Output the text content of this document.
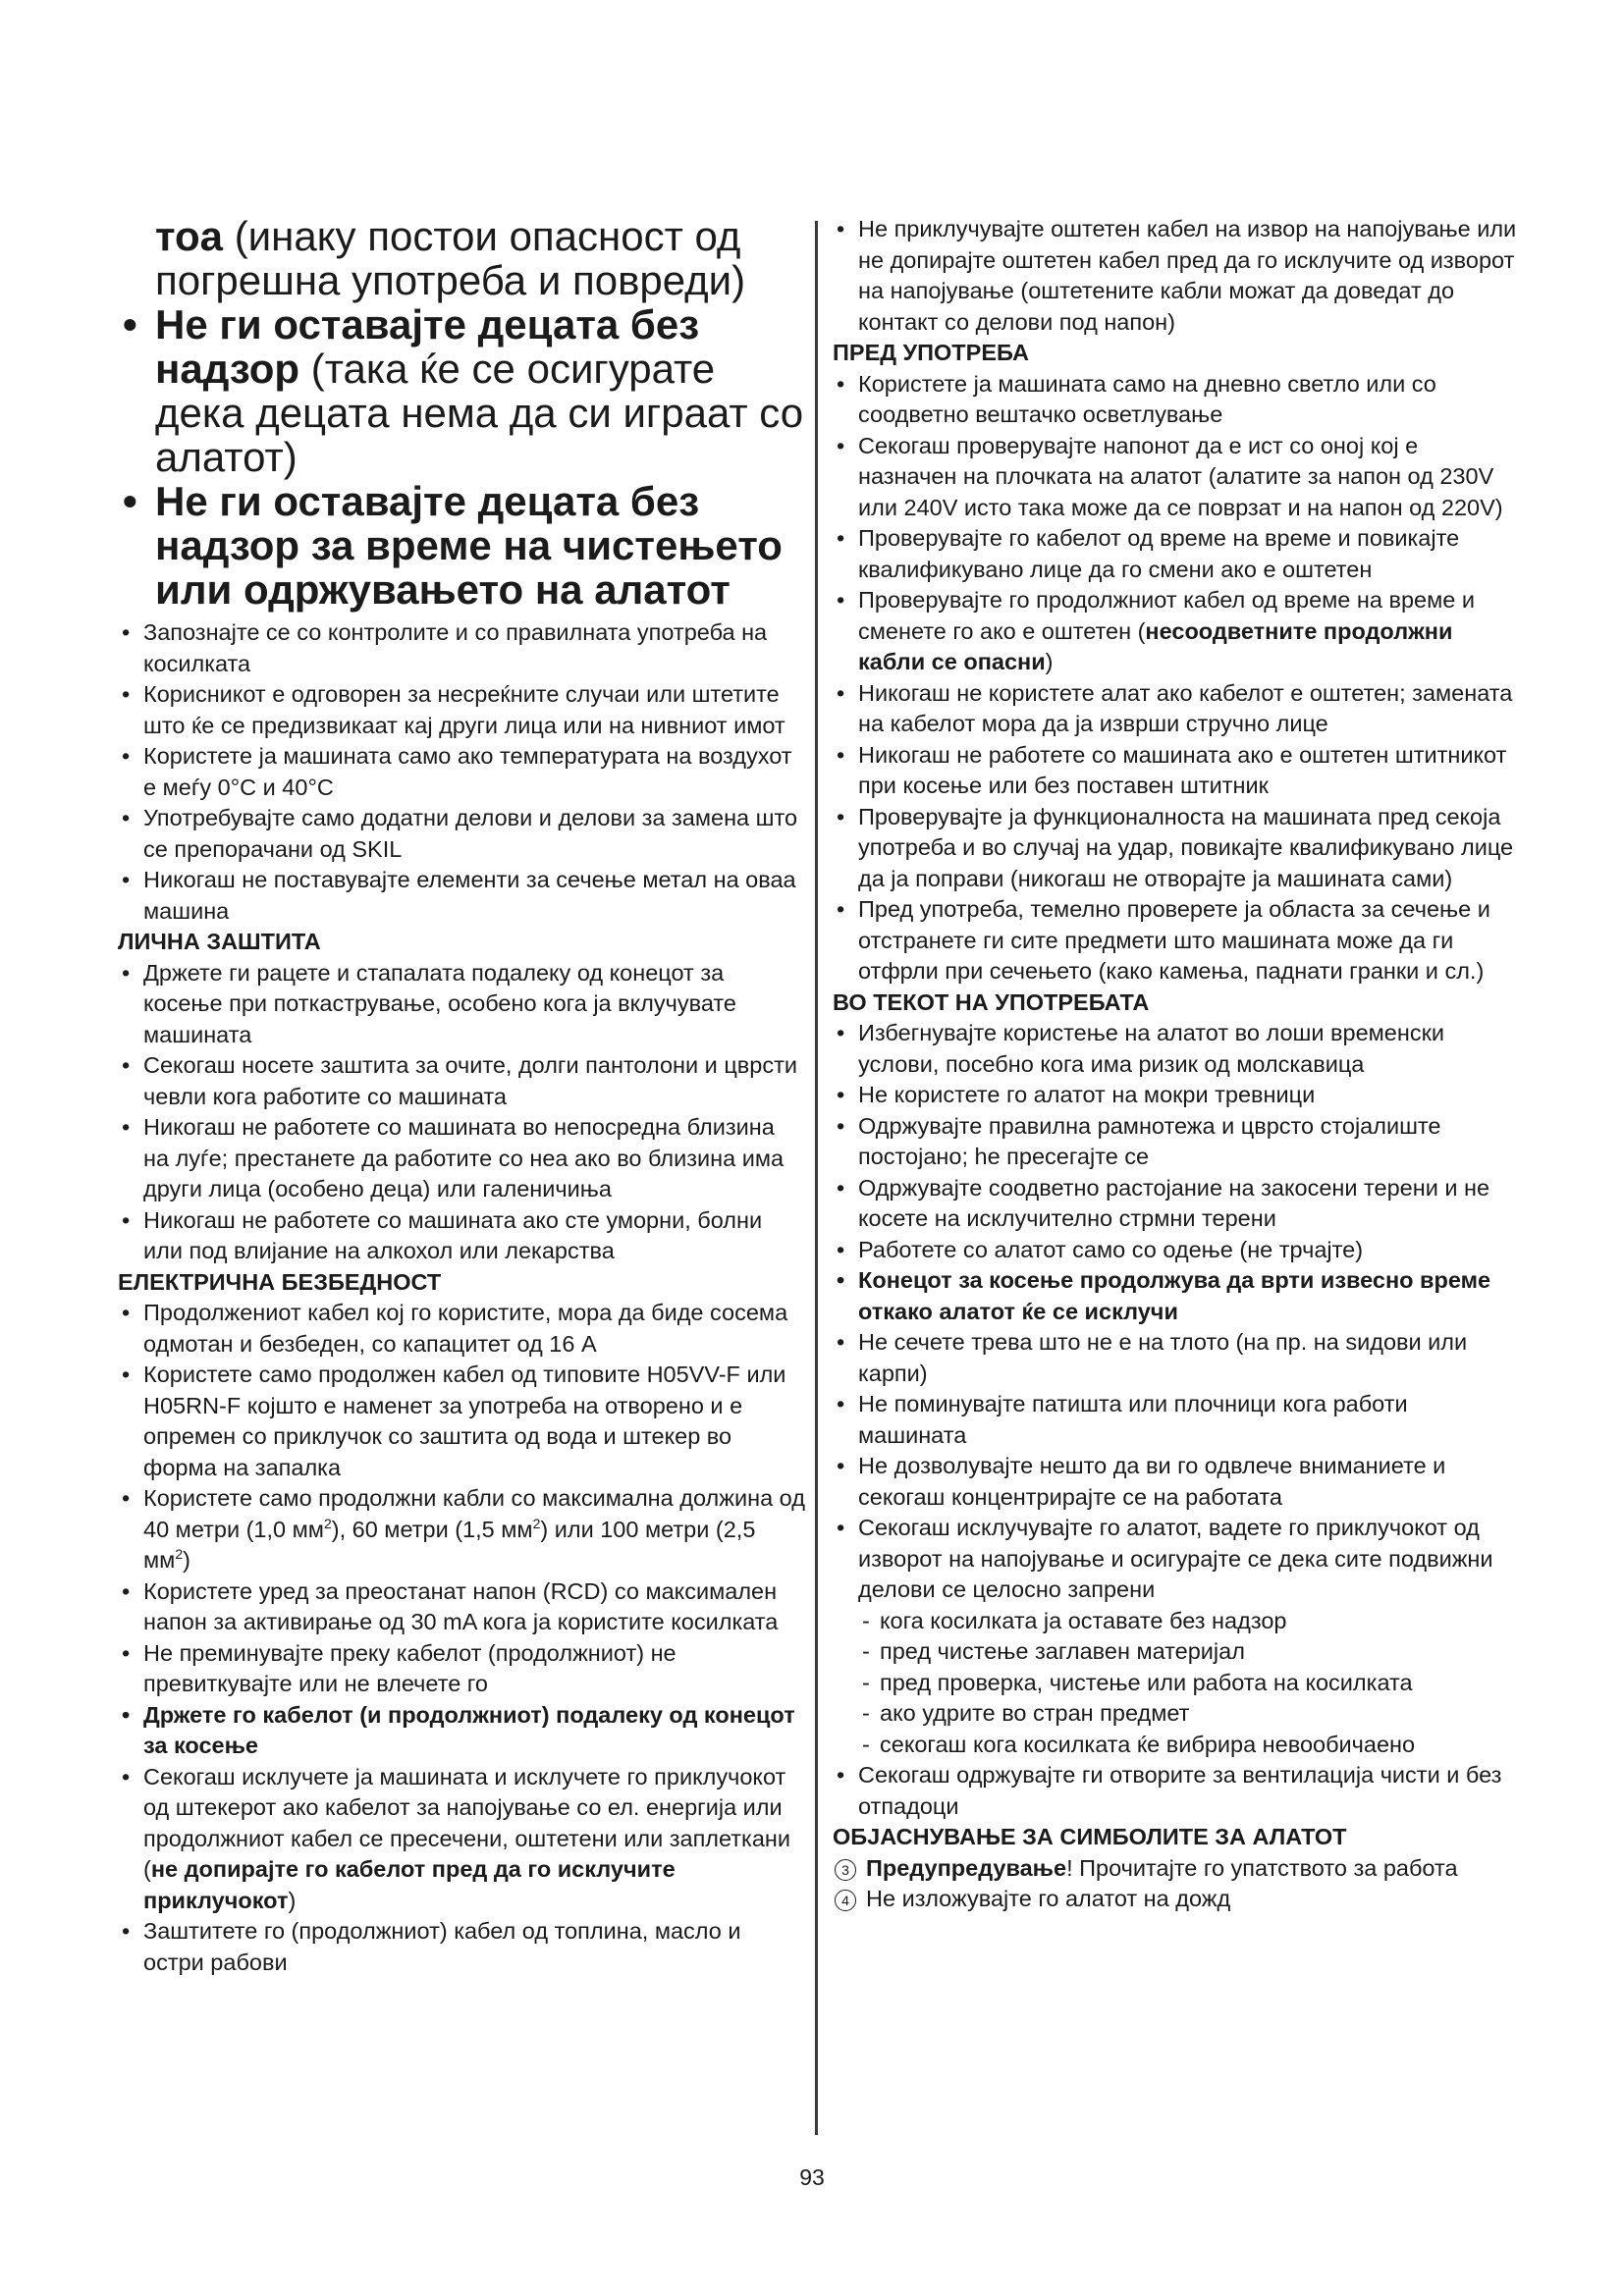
тоа (инаку постои опасност од погрешна употреба и повреди)

• Не ги оставајте децата без надзор (така ќе се осигурате дека децата нема да си играат со алатот)

• Не ги оставајте децата без надзор за време на чистењето или одржувањето на алатот

• Запознајте се со контролите и со правилната употреба на косилката
• Корисникот е одговорен за несреќните случаи или штетите што ќе се предизвикаат кај други лица или на нивниот имот
• Користете ја машината само ако температурата на воздухот е меѓу 0°C и 40°C
• Употребувајте само додатни делови и делови за замена што се препорачани од SKIL
• Никогаш не поставувајте елементи за сечење метал на оваа машина

ЛИЧНА ЗАШТИТА

• Држете ги рацете и стапалата подалеку од конецот за косење при поткастрување, особено кога ја вклучувате машината
• Секогаш носете заштита за очите, долги пантолони и цврсти чевли кога работите со машината
• Никогаш не работете со машината во непосредна близина на луѓе; престанете да работите со неа ако во близина има други лица (особено деца) или галеничиња
• Никогаш не работете со машината ако сте уморни, болни или под влијание на алкохол или лекарства

ЕЛЕКТРИЧНА БЕЗБЕДНОСТ

• Продолжениот кабел кој го користите, мора да биде сосема одмотан и безбеден, со капацитет од 16 A
• Користете само продолжен кабел од типовите H05VV-F или H05RN-F којшто е наменет за употреба на отворено и е опремен со приклучок со заштита од вода и штекер во форма на запалка
• Користете само продолжни кабли со максимална должина од 40 метри (1,0 $мм^2$), 60 метри (1,5 $мм^2$) или 100 метри (2,5 $мм^2$)
• Користете уред за преостанат напон (RCD) со максимален напон за активирање од 30 mA кога ја користите косилката
• Не преминувајте преку кабелот (продолжниот) не превиткувајте или не влечете го
• Држете го кабелот (и продолжниот) подалеку од конецот за косење
• Секогаш исклучете ја машината и исклучете го приклучокот од штекерот ако кабелот за напојување со ел. енергија или продолжниот кабел се пресечени, оштетени или заплеткани (не допирајте го кабелот пред да го исклучите приклучокот)
• Заштитете го (продолжниот) кабел од топлина, масло и остри рабови
• Не приклучувајте оштетен кабел на извор на напојување или не допирајте оштетен кабел пред да го исклучите од изворот на напојување (оштетените кабли можат да доведат до контакт со делови под напон)

ПРЕД УПОТРЕБА

• Користете ја машината само на дневно светло или со соодветно вештачко осветлување
• Секогаш проверувајте напонот да е ист со оној кој е назначен на плочката на алатот (алатите за напон од 230V или 240V исто така може да се поврзат и на напон од 220V)
• Проверувајте го кабелот од време на време и повикајте квалификувано лице да го смени ако е оштетен
• Проверувајте го продолжниот кабел од време на време и сменете го ако е оштетен (несоодветните продолжни кабли се опасни)
• Никогаш не користете алат ако кабелот е оштетен; замената на кабелот мора да ја изврши стручно лице
• Никогаш не работете со машината ако е оштетен штитникот при косење или без поставен штитник
• Проверувајте ја функционалноста на машината пред секоја употреба и во случај на удар, повикајте квалификувано лице да ја поправи (никогаш не отворајте ја машината сами)
• Пред употреба, темелно проверете ја областа за сечење и отстранете ги сите предмети што машината може да ги отфрли при сечењето (како камења, паднати гранки и сл.)

ВО ТЕКОТ НА УПОТРЕБАТА

• Избегнувајте користење на алатот во лоши временски услови, посебно кога има ризик од молскавица
• Не користете го алатот на мокри тревници
• Одржувајте правилна рамнотежа и цврсто стојалиште постојано; he пресегајте се
• Одржувајте соодветно растојание на закосени терени и не косете на исклучително стрмни терени
• Работете со алатот само со одење (не трчајте)
• Конецот за косење продолжува да врти извесно време откако алатот ќе се исклучи
• Не сечете трева што не е на тлото (на пр. на ѕидови или карпи)
• Не поминувајте патишта или плочници кога работи машината
• Не дозволувајте нешто да ви го одвлече вниманиете и секогаш концентрирајте се на работата
• Секогаш исклучувајте го алатот, вадете го приклучокот од изворот на напојување и осигурајте се дека сите подвижни делови се целосно запрени
- кога косилката ја оставате без надзор
- пред чистење заглавен материјал
- пред проверка, чистење или работа на косилката
- ако удрите во стран предмет
- секогаш кога косилката ќе вибрира невообичаено
• Секогаш одржувајте ги отворите за вентилација чисти и без отпадоци

ОБЈАСНУВАЊЕ ЗА СИМБОЛИТЕ ЗА АЛАТОТ

3 Предупредување! Прочитајте го упатството за работа

4 Не изложувајте го алатот на дожд

93
